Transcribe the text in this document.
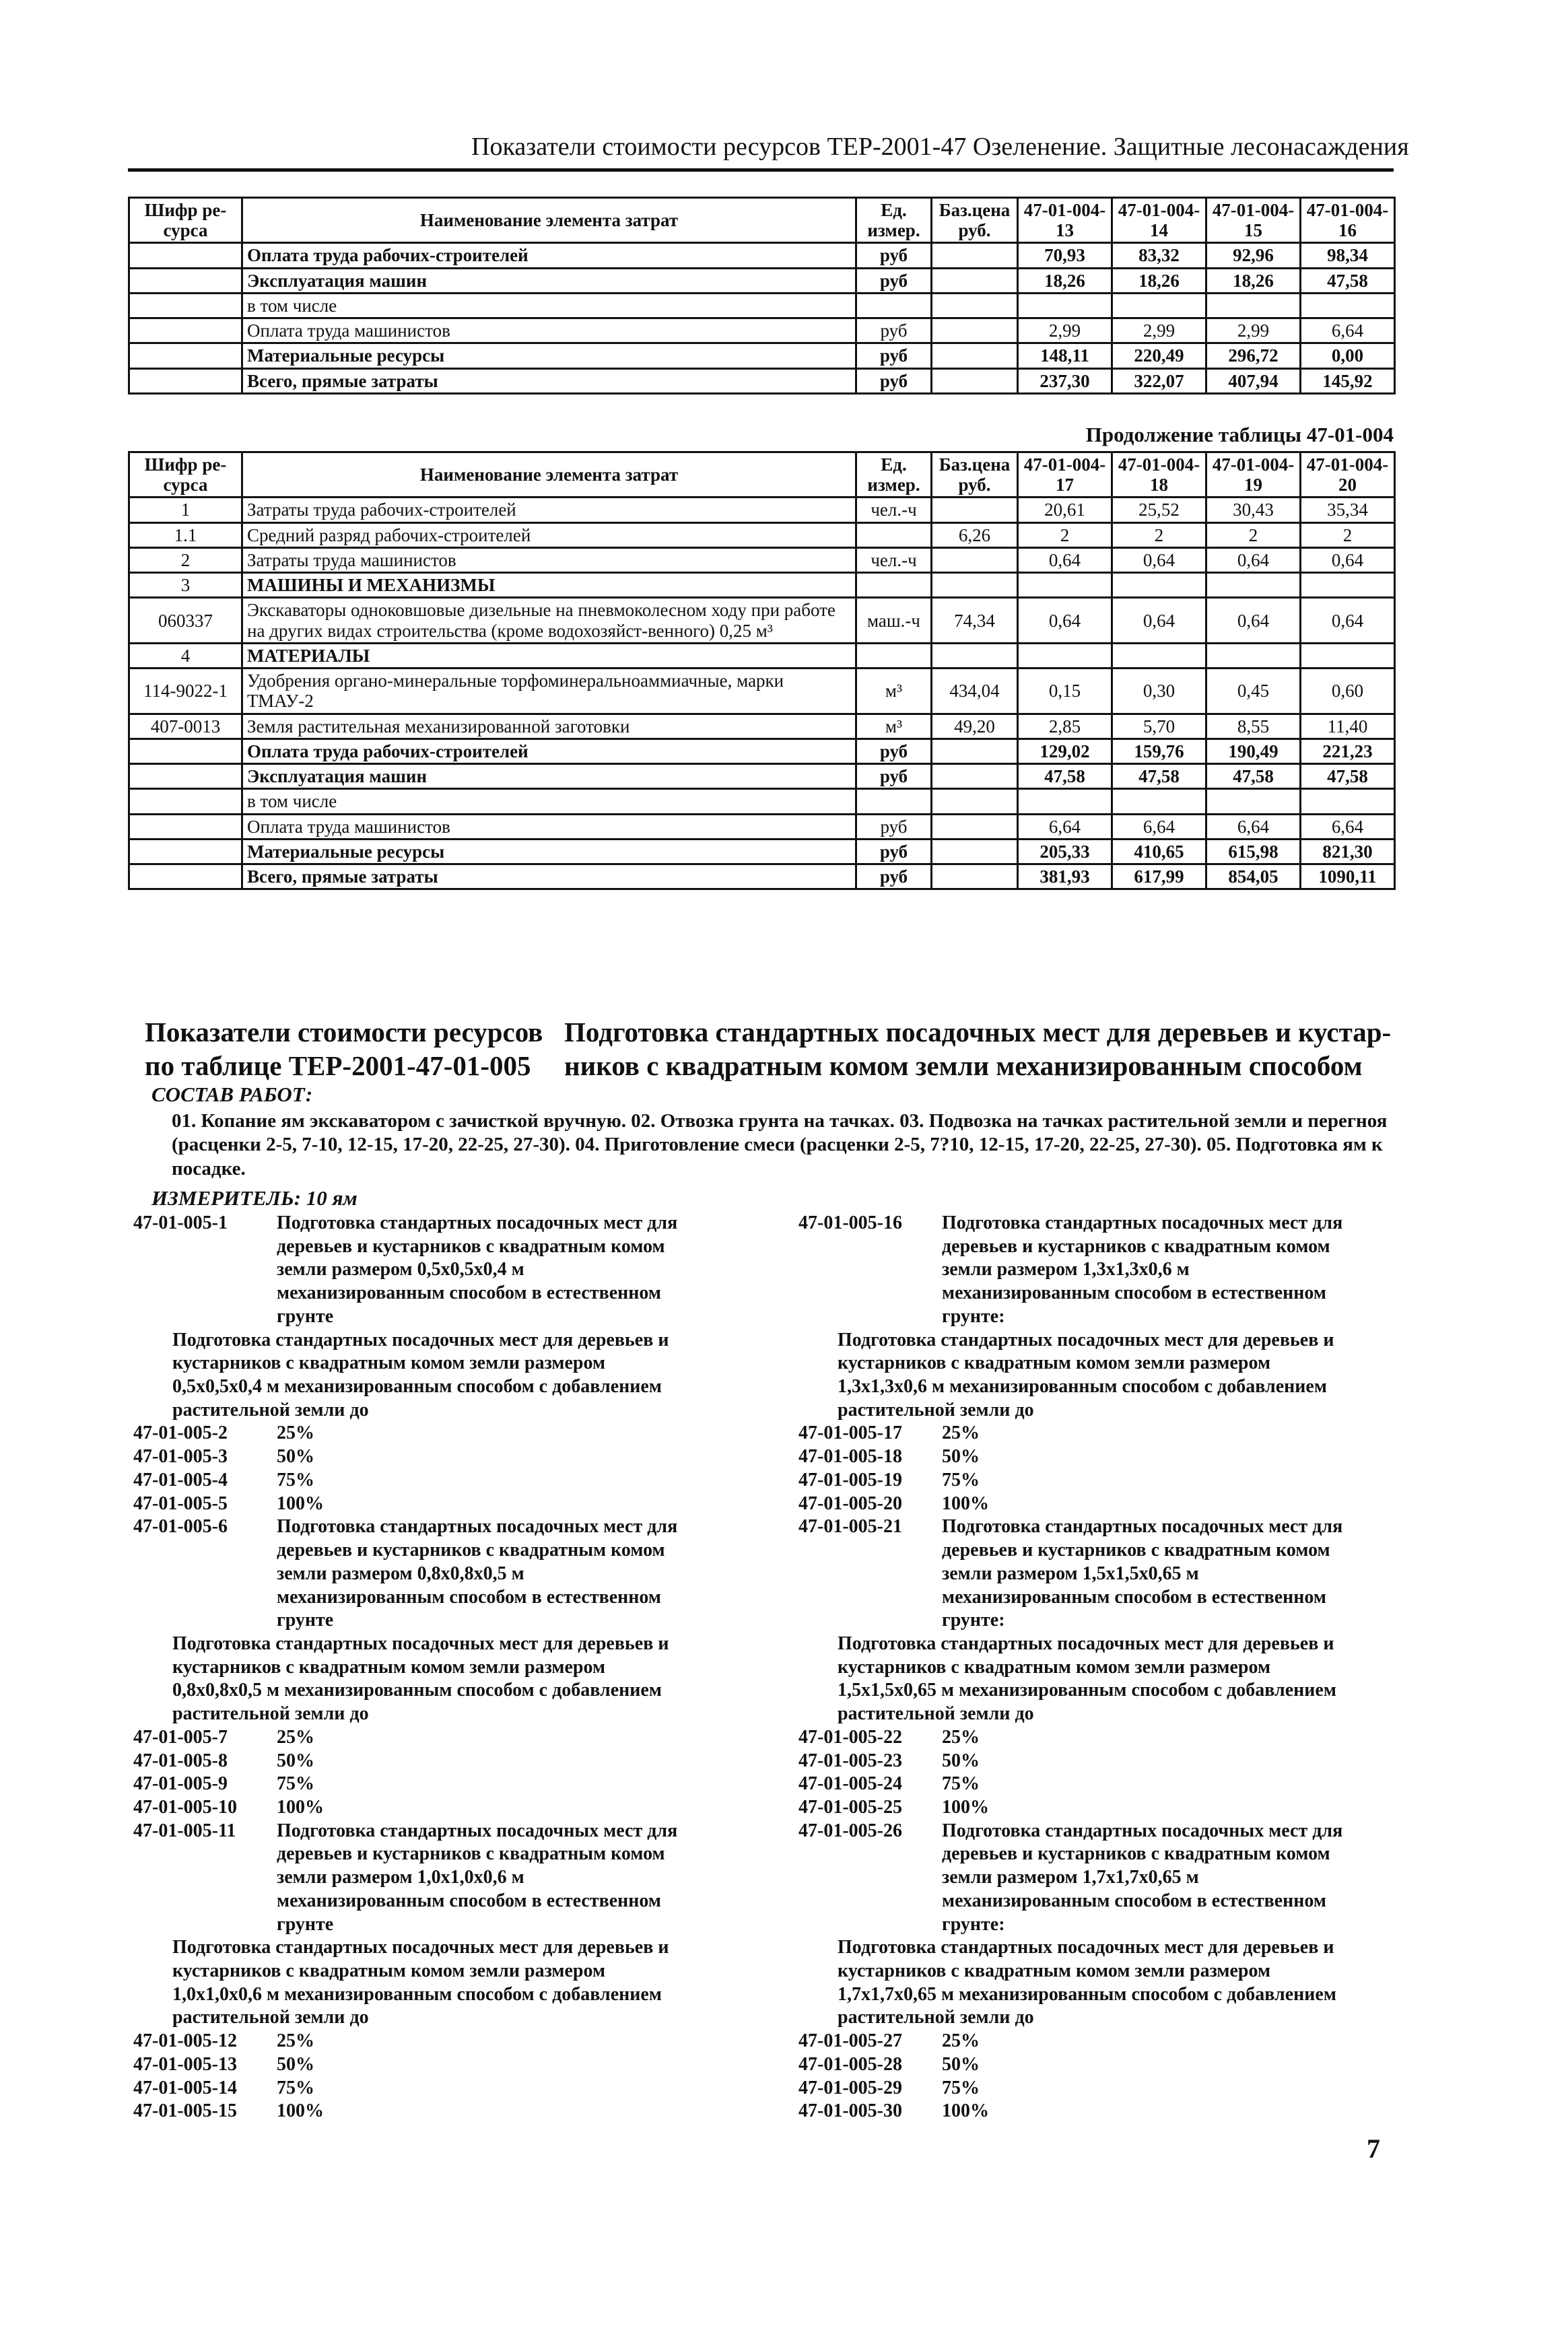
Показатели стоимости ресурсов ТЕР-2001-47 Озеленение. Защитные лесонасаждения
Шифр ре-сурса	Наименование элемента затрат	Ед. измер.	Баз.цена руб.	47-01-004-13	47-01-004-14	47-01-004-15	47-01-004-16
	Оплата труда рабочих-строителей	руб		70,93	83,32	92,96	98,34
	Эксплуатация машин	руб		18,26	18,26	18,26	47,58
	в том числе						
	Оплата труда машинистов	руб		2,99	2,99	2,99	6,64
	Материальные ресурсы	руб		148,11	220,49	296,72	0,00
	Всего, прямые затраты	руб		237,30	322,07	407,94	145,92
Продолжение таблицы 47-01-004
Шифр ре-сурса	Наименование элемента затрат	Ед. измер.	Баз.цена руб.	47-01-004-17	47-01-004-18	47-01-004-19	47-01-004-20
1	Затраты труда рабочих-строителей	чел.-ч		20,61	25,52	30,43	35,34
1.1	Средний разряд рабочих-строителей		6,26	2	2	2	2
2	Затраты труда машинистов	чел.-ч		0,64	0,64	0,64	0,64
3	МАШИНЫ И МЕХАНИЗМЫ						
060337	Экскаваторы одноковшовые дизельные на пневмоколесном ходу при работе на других видах строительства (кроме водохозяйст-венного) 0,25 м³	маш.-ч	74,34	0,64	0,64	0,64	0,64
4	МАТЕРИАЛЫ						
114-9022-1	Удобрения органо-минеральные торфоминеральноаммиачные, марки ТМАУ-2	м³	434,04	0,15	0,30	0,45	0,60
407-0013	Земля растительная механизированной заготовки	м³	49,20	2,85	5,70	8,55	11,40
	Оплата труда рабочих-строителей	руб		129,02	159,76	190,49	221,23
	Эксплуатация машин	руб		47,58	47,58	47,58	47,58
	в том числе						
	Оплата труда машинистов	руб		6,64	6,64	6,64	6,64
	Материальные ресурсы	руб		205,33	410,65	615,98	821,30
	Всего, прямые затраты	руб		381,93	617,99	854,05	1090,11
Показатели стоимости ресурсов по таблице ТЕР-2001-47-01-005
Подготовка стандартных посадочных мест для деревьев и кустар-ников с квадратным комом земли механизированным способом
СОСТАВ РАБОТ:
01. Копание ям экскаватором с зачисткой вручную. 02. Отвозка грунта на тачках. 03. Подвозка на тачках растительной земли и перегноя (расценки 2-5, 7-10, 12-15, 17-20, 22-25, 27-30). 04. Приготовление смеси (расценки 2-5, 7?10, 12-15, 17-20, 22-25, 27-30). 05. Подготовка ям к посадке.
ИЗМЕРИТЕЛЬ: 10 ям
47-01-005-1	Подготовка стандартных посадочных мест для деревьев и кустарников с квадратным комом земли размером 0,5х0,5х0,4 м механизированным способом в естественном грунте
Подготовка стандартных посадочных мест для деревьев и кустарников с квадратным комом земли размером 0,5х0,5х0,4 м механизированным способом с добавлением растительной земли до
47-01-005-2	25%
47-01-005-3	50%
47-01-005-4	75%
47-01-005-5	100%
47-01-005-6	Подготовка стандартных посадочных мест для деревьев и кустарников с квадратным комом земли размером 0,8х0,8х0,5 м механизированным способом в естественном грунте
Подготовка стандартных посадочных мест для деревьев и кустарников с квадратным комом земли размером 0,8х0,8х0,5 м механизированным способом с добавлением растительной земли до
47-01-005-7	25%
47-01-005-8	50%
47-01-005-9	75%
47-01-005-10	100%
47-01-005-11	Подготовка стандартных посадочных мест для деревьев и кустарников с квадратным комом земли размером 1,0х1,0х0,6 м механизированным способом в естественном грунте
Подготовка стандартных посадочных мест для деревьев и кустарников с квадратным комом земли размером 1,0х1,0х0,6 м механизированным способом с добавлением растительной земли до
47-01-005-12	25%
47-01-005-13	50%
47-01-005-14	75%
47-01-005-15	100%
47-01-005-16	Подготовка стандартных посадочных мест для деревьев и кустарников с квадратным комом земли размером 1,3х1,3х0,6 м механизированным способом в естественном грунте:
Подготовка стандартных посадочных мест для деревьев и кустарников с квадратным комом земли размером 1,3х1,3х0,6 м механизированным способом с добавлением растительной земли до
47-01-005-17	25%
47-01-005-18	50%
47-01-005-19	75%
47-01-005-20	100%
47-01-005-21	Подготовка стандартных посадочных мест для деревьев и кустарников с квадратным комом земли размером 1,5х1,5х0,65 м механизированным способом в естественном грунте:
Подготовка стандартных посадочных мест для деревьев и кустарников с квадратным комом земли размером 1,5х1,5х0,65 м механизированным способом с добавлением растительной земли до
47-01-005-22	25%
47-01-005-23	50%
47-01-005-24	75%
47-01-005-25	100%
47-01-005-26	Подготовка стандартных посадочных мест для деревьев и кустарников с квадратным комом земли размером 1,7х1,7х0,65 м механизированным способом в естественном грунте:
Подготовка стандартных посадочных мест для деревьев и кустарников с квадратным комом земли размером 1,7х1,7х0,65 м механизированным способом с добавлением растительной земли до
47-01-005-27	25%
47-01-005-28	50%
47-01-005-29	75%
47-01-005-30	100%
7
